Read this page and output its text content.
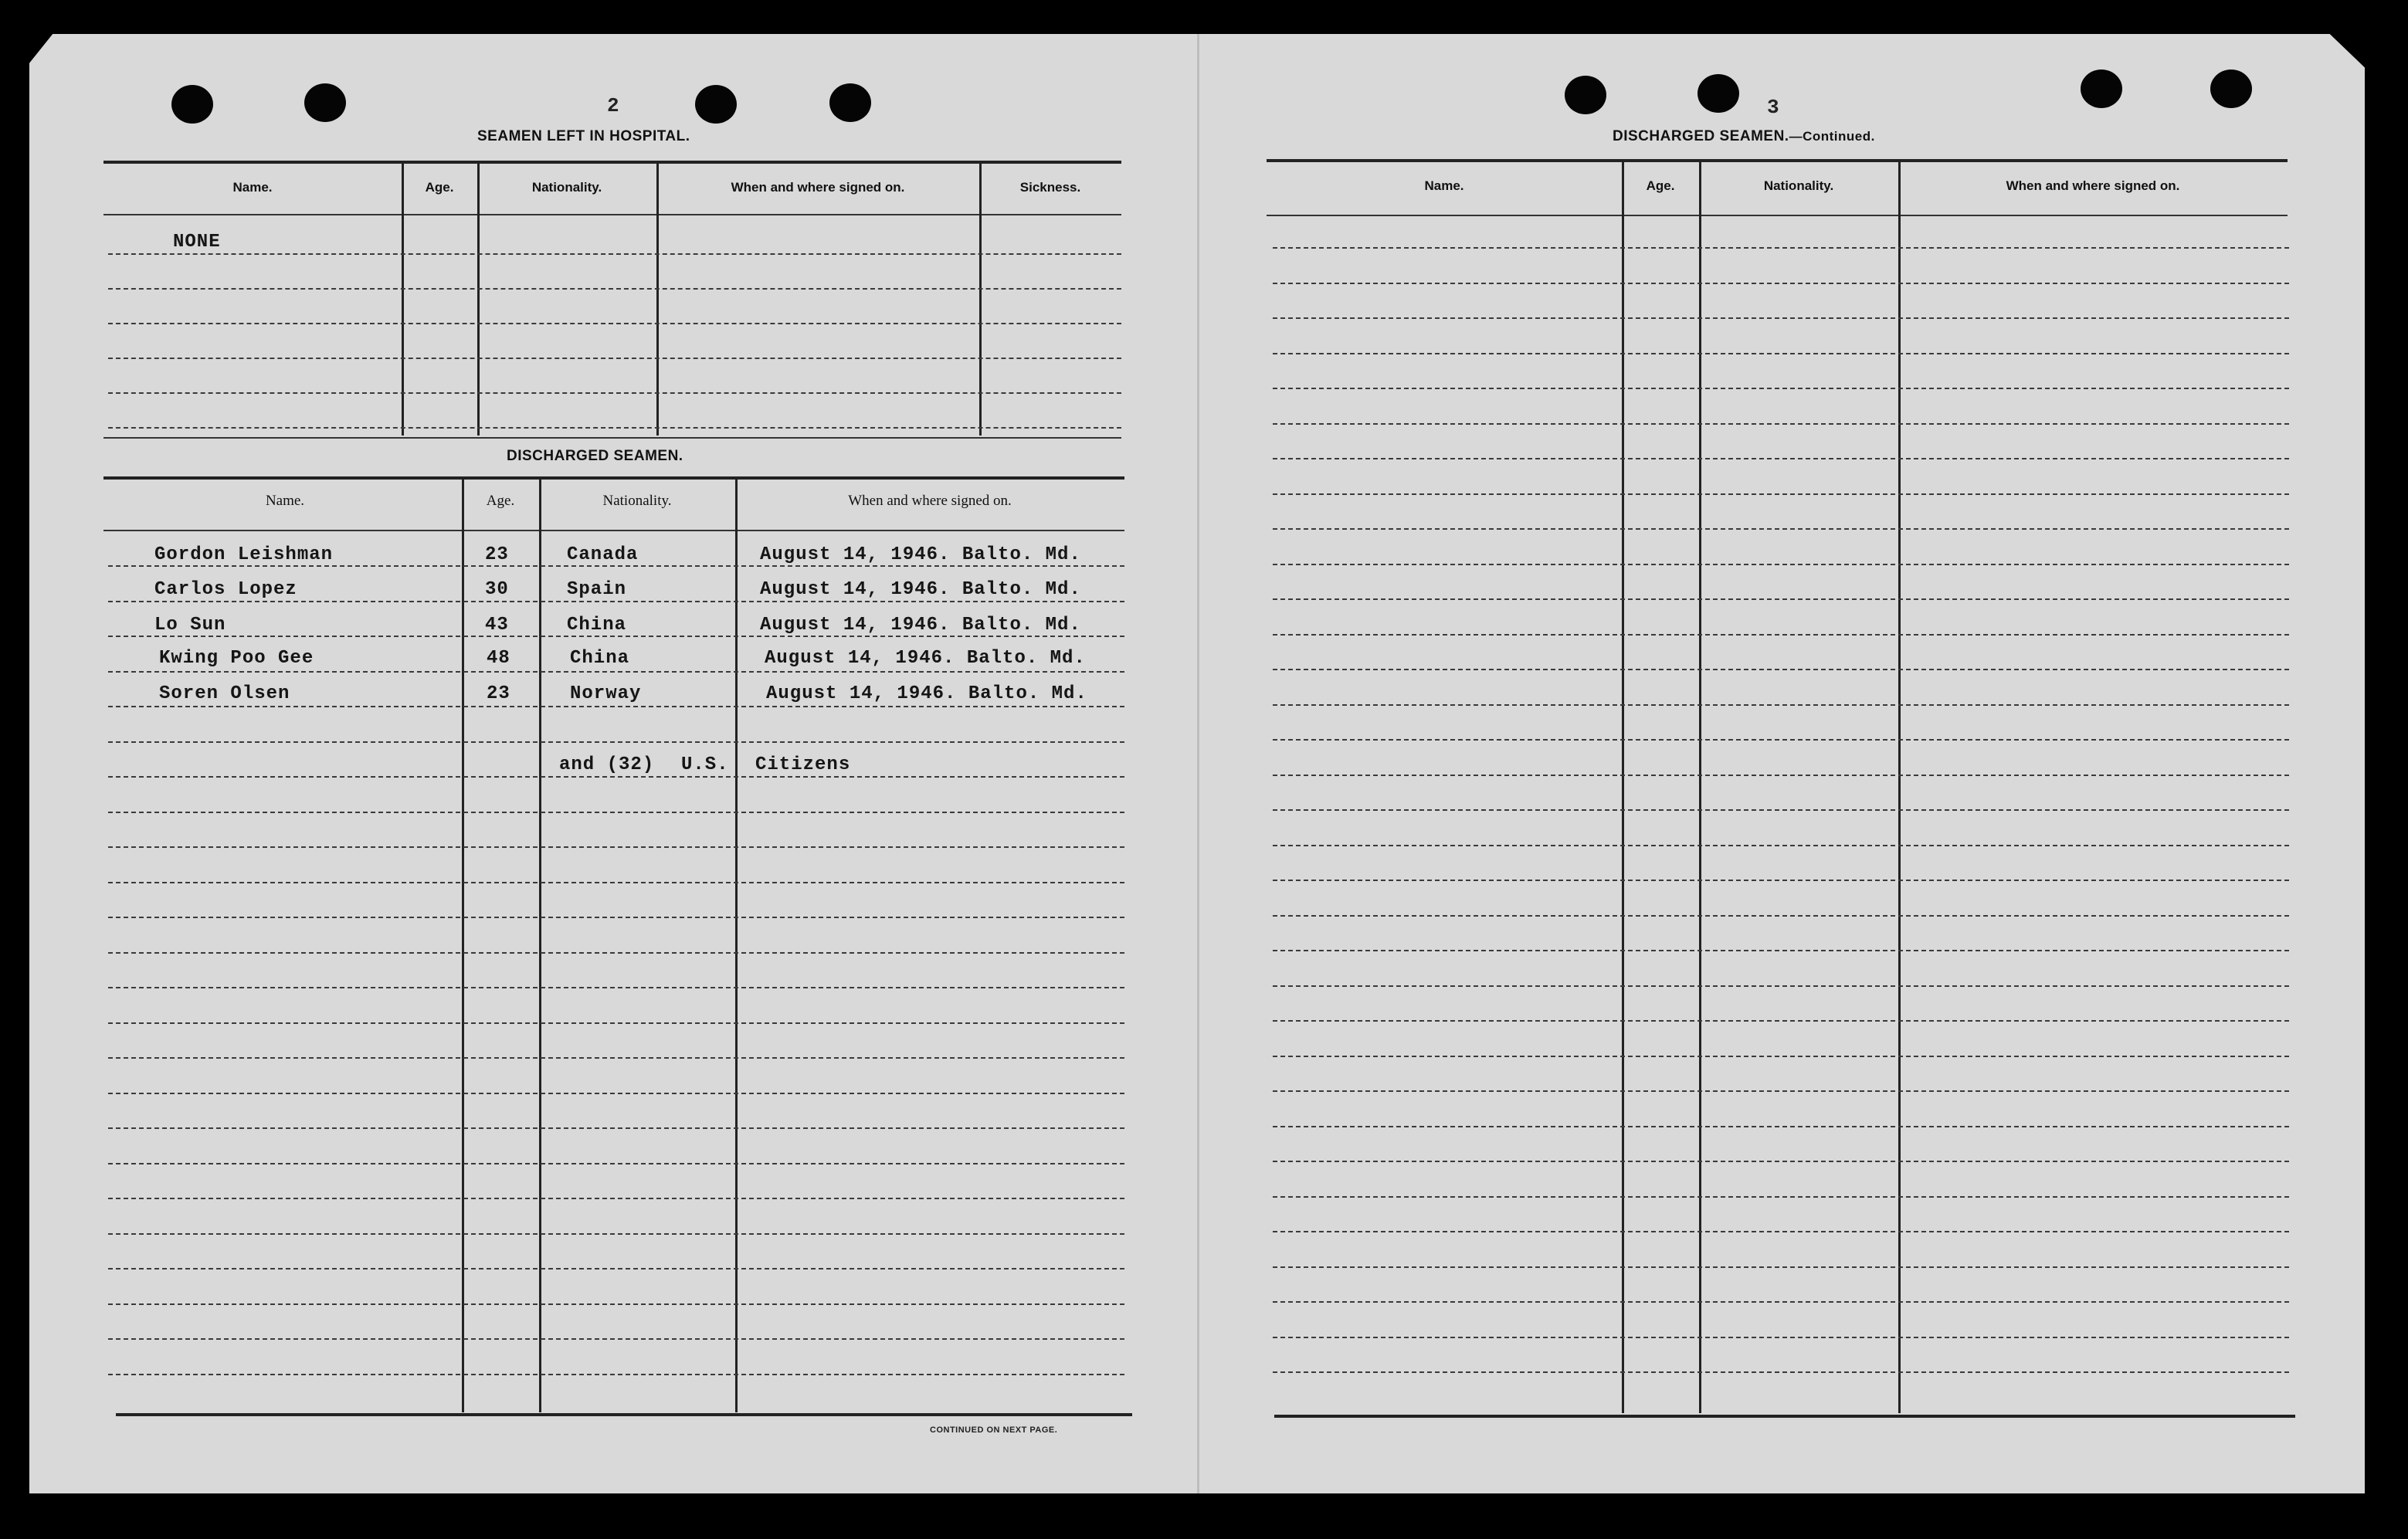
2
SEAMEN LEFT IN HOSPITAL.
Name.	Age.	Nationality.	When and where signed on.	Sickness.
NONE
DISCHARGED SEAMEN.
Name.	Age.	Nationality.	When and where signed on.
Gordon Leishman	23	Canada	August 14, 1946. Balto. Md.
Carlos Lopez	30	Spain	August 14, 1946. Balto. Md.
Lo Sun	43	China	August 14, 1946. Balto. Md.
Kwing Poo Gee	48	China	August 14, 1946. Balto. Md.
Soren Olsen	23	Norway	August 14, 1946. Balto. Md.
and (32) U.S. Citizens
CONTINUED ON NEXT PAGE.
3
DISCHARGED SEAMEN.—Continued.
Name.	Age.	Nationality.	When and where signed on.
